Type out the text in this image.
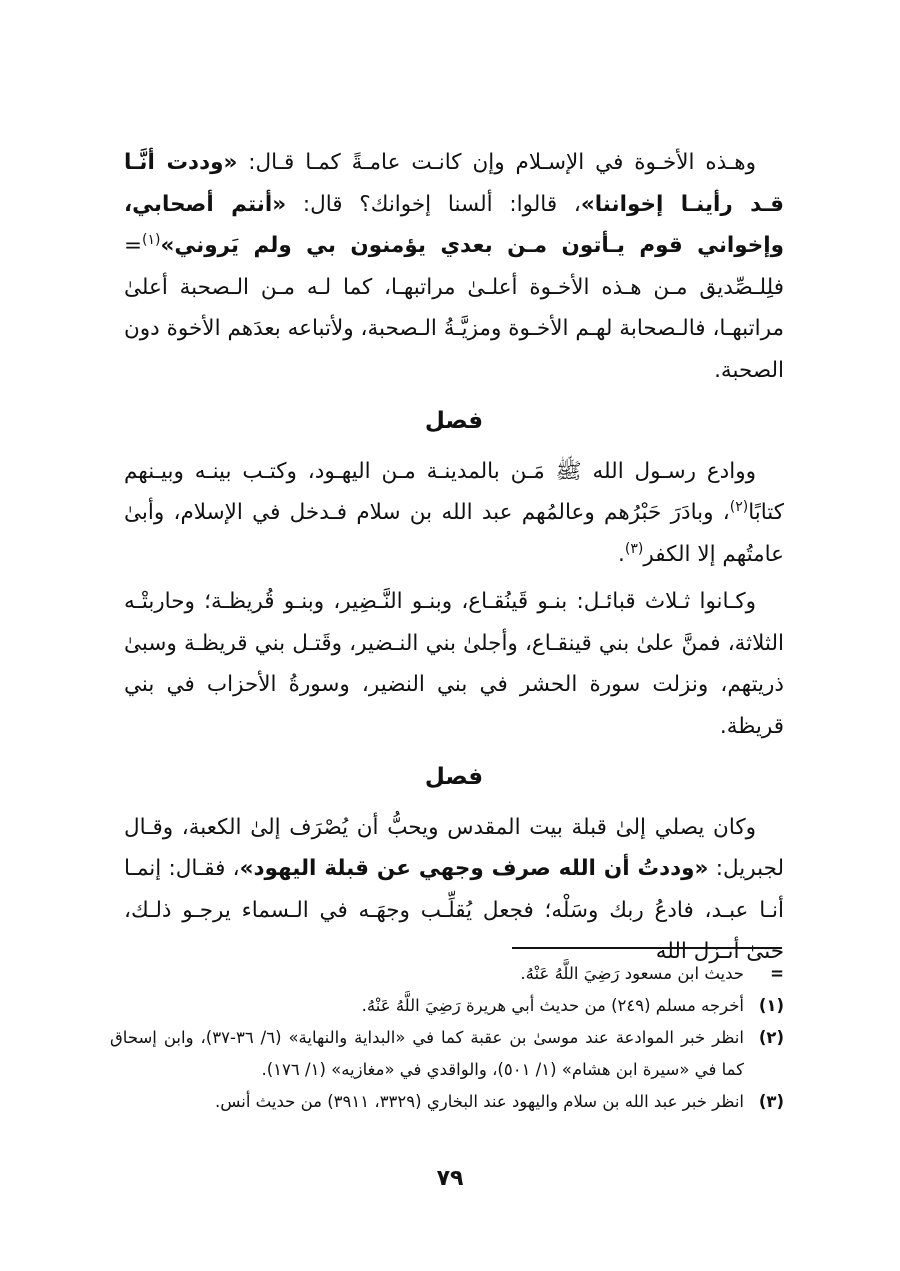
وهـذه الأخـوة في الإسـلام وإن كانـت عامـةً كمـا قـال: «وددت أنَّـا قـد رأينـا إخواننا»، قالوا: ألسنا إخوانك؟ قال: «أنتم أصحابي، وإخواني قوم يـأتون مـن بعدي يؤمنون بي ولم يَروني»$^{(١)}$= فلِلـصِّديق مـن هـذه الأخـوة أعلـىٰ مراتبهـا، كما لـه مـن الـصحبة أعلىٰ مراتبهـا، فالـصحابة لهـم الأخـوة ومزيَّـةُ الـصحبة، ولأتباعه بعدَهم الأخوة دون الصحبة.

فصل

ووادع رسـول الله ﷺ مَـن بالمدينـة مـن اليهـود، وكتـب بينـه وبيـنهم كتابًا$^{(٢)}$، وبادَرَ حَبْرُهم وعالمُهم عبد الله بن سلام فـدخل في الإسلام، وأبىٰ عامتُهم إلا الكفر$^{(٣)}$.

وكـانوا ثـلاث قبائـل: بنـو قَينُقـاع، وبنـو النَّـضِير، وبنـو قُريظـة؛ وحاربتْـه الثلاثة، فمنَّ علىٰ بني قينقـاع، وأجلىٰ بني النـضير، وقَتـل بني قريظـة وسبىٰ ذريتهم، ونزلت سورة الحشر في بني النضير، وسورةُ الأحزاب في بني قريظة.

فصل

وكان يصلي إلىٰ قبلة بيت المقدس ويحبُّ أن يُصْرَف إلىٰ الكعبة، وقـال لجبريل: «وددتُ أن الله صرف وجهي عن قبلة اليهود»، فقـال: إنمـا أنـا عبـد، فادعُ ربك وسَلْه؛ فجعل يُقلِّـب وجهَـه في الـسماء يرجـو ذلـك، حتىٰ أنـزل الله

=
حديث ابن مسعود رَضِيَ اللَّهُ عَنْهُ.
(١)
أخرجه مسلم (٢٤٩) من حديث أبي هريرة رَضِيَ اللَّهُ عَنْهُ.
(٢)
انظر خبر الموادعة عند موسىٰ بن عقبة كما في «البداية والنهاية» (٦/ ٣٦-٣٧)، وابن إسحاق كما في «سيرة ابن هشام» (١/ ٥٠١)، والواقدي في «مغازيه» (١/ ١٧٦).
(٣)
انظر خبر عبد الله بن سلام واليهود عند البخاري (٣٣٢٩، ٣٩١١) من حديث أنس.
٧٩
